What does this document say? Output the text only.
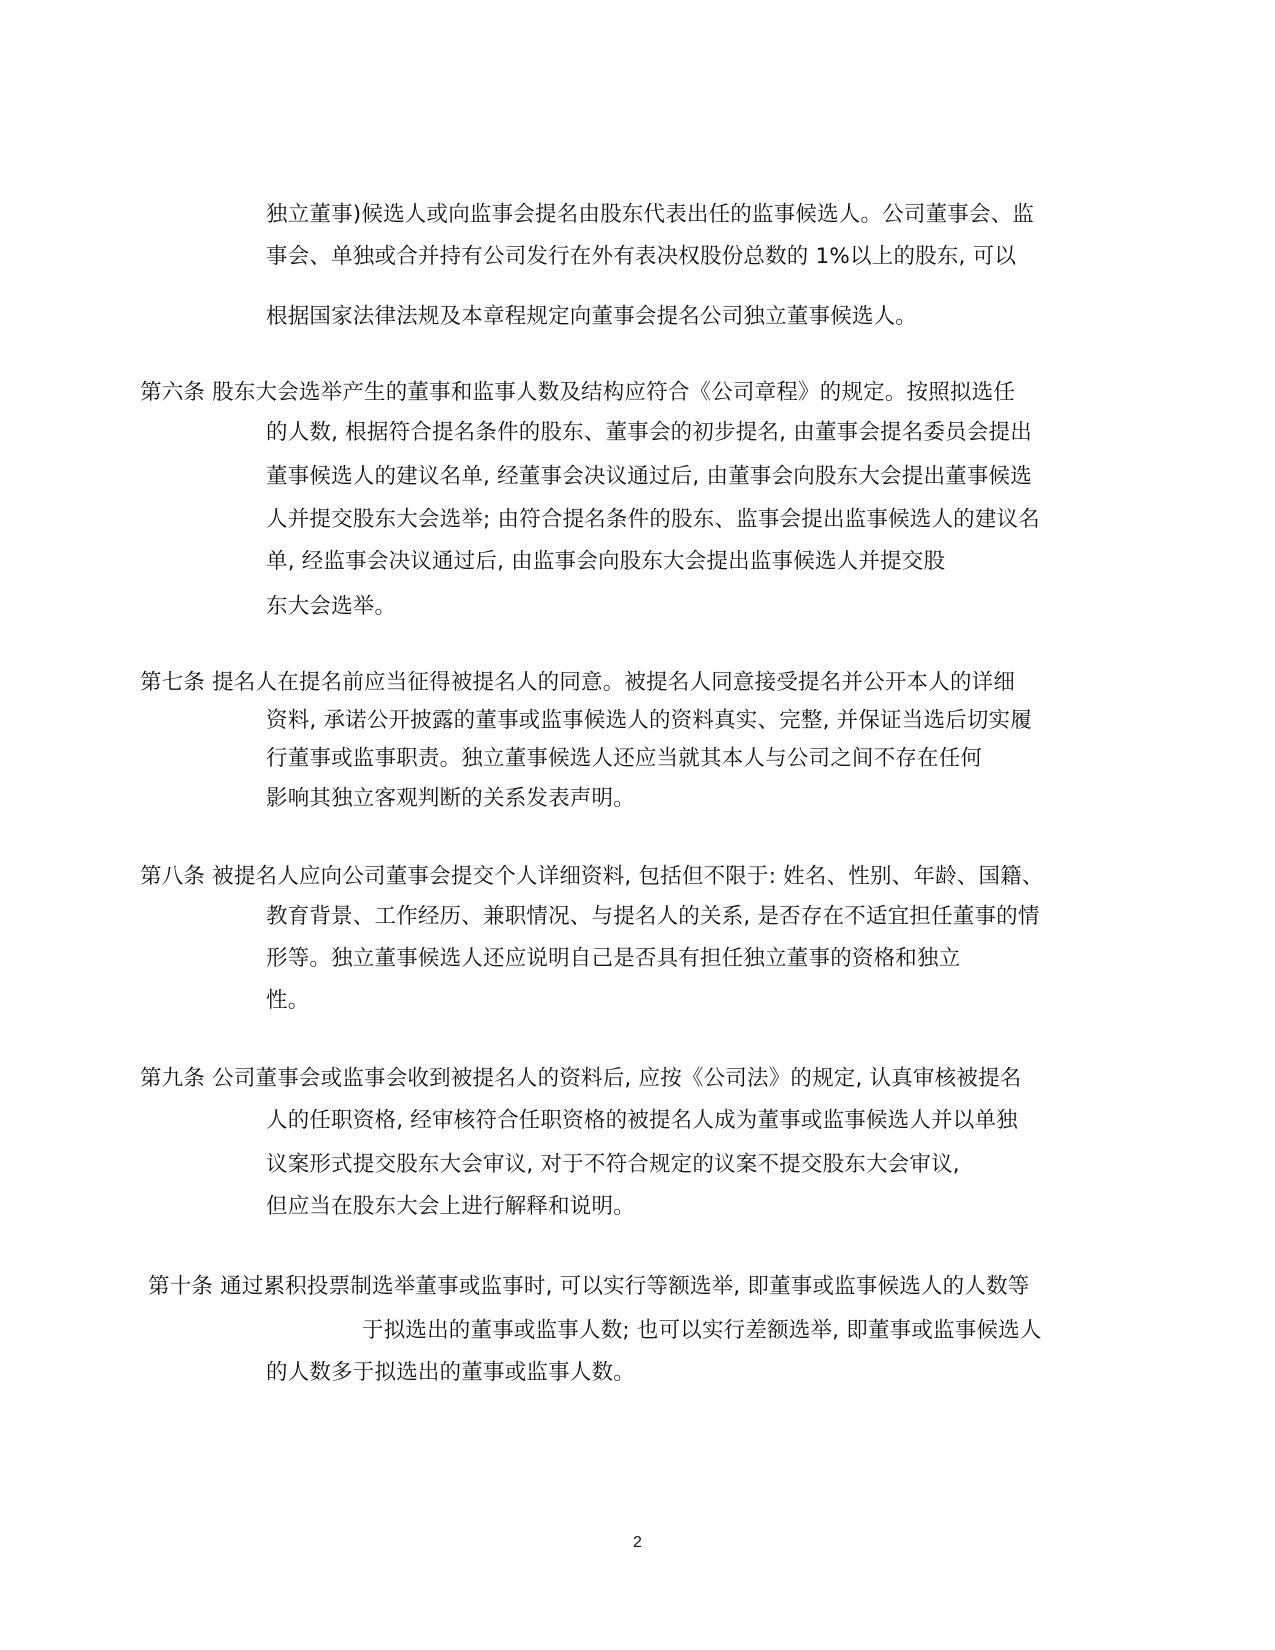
独立董事)候选人或向监事会提名由股东代表出任的监事候选人。公司董事会、监
事会、单独或合并持有公司发行在外有表决权股份总数的 1%以上的股东, 可以
根据国家法律法规及本章程规定向董事会提名公司独立董事候选人。
第六条 股东大会选举产生的董事和监事人数及结构应符合《公司章程》的规定。按照拟选任
的人数, 根据符合提名条件的股东、董事会的初步提名, 由董事会提名委员会提出
董事候选人的建议名单, 经董事会决议通过后, 由董事会向股东大会提出董事候选
人并提交股东大会选举; 由符合提名条件的股东、监事会提出监事候选人的建议名
单, 经监事会决议通过后, 由监事会向股东大会提出监事候选人并提交股
东大会选举。
第七条 提名人在提名前应当征得被提名人的同意。被提名人同意接受提名并公开本人的详细
资料, 承诺公开披露的董事或监事候选人的资料真实、完整, 并保证当选后切实履
行董事或监事职责。独立董事候选人还应当就其本人与公司之间不存在任何
影响其独立客观判断的关系发表声明。
第八条 被提名人应向公司董事会提交个人详细资料, 包括但不限于: 姓名、性别、年龄、国籍、
教育背景、工作经历、兼职情况、与提名人的关系, 是否存在不适宜担任董事的情
形等。独立董事候选人还应说明自己是否具有担任独立董事的资格和独立
性。
第九条 公司董事会或监事会收到被提名人的资料后, 应按《公司法》的规定, 认真审核被提名
人的任职资格, 经审核符合任职资格的被提名人成为董事或监事候选人并以单独
议案形式提交股东大会审议, 对于不符合规定的议案不提交股东大会审议,
但应当在股东大会上进行解释和说明。
第十条 通过累积投票制选举董事或监事时, 可以实行等额选举, 即董事或监事候选人的人数等
于拟选出的董事或监事人数; 也可以实行差额选举, 即董事或监事候选人
的人数多于拟选出的董事或监事人数。
2
